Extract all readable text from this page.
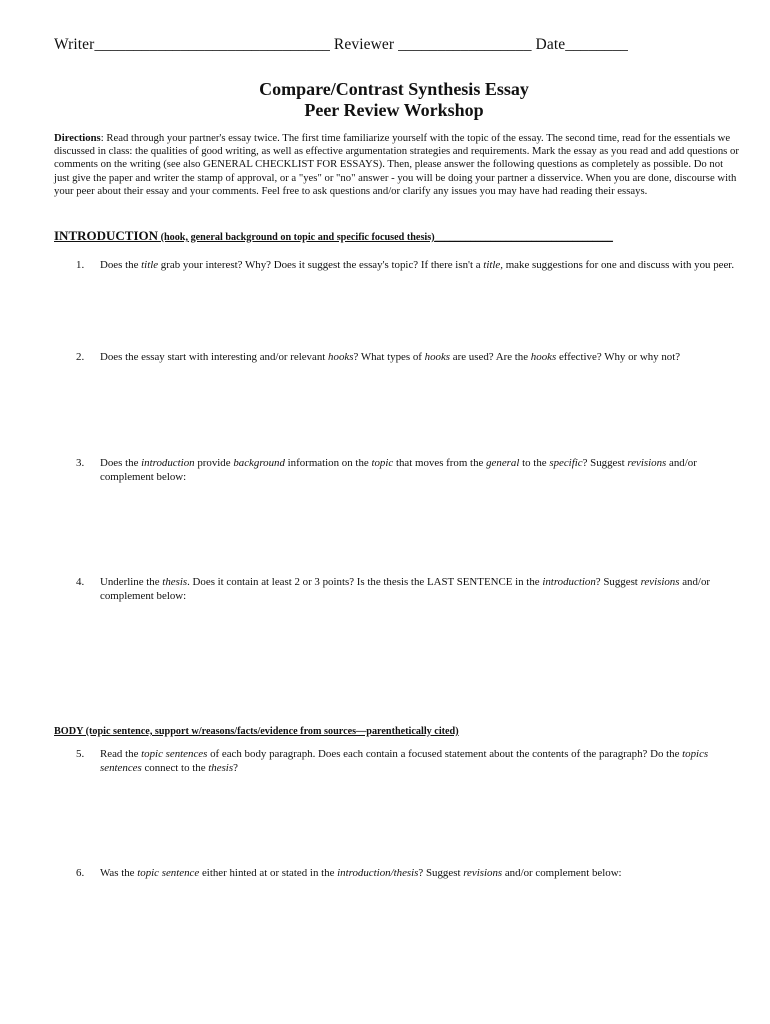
Writer______________________________ Reviewer _________________ Date________
Compare/Contrast Synthesis Essay
Peer Review Workshop
Directions: Read through your partner's essay twice. The first time familiarize yourself with the topic of the essay. The second time, read for the essentials we discussed in class: the qualities of good writing, as well as effective argumentation strategies and requirements. Mark the essay as you read and add questions or comments on the writing (see also GENERAL CHECKLIST FOR ESSAYS). Then, please answer the following questions as completely as possible. Do not just give the paper and writer the stamp of approval, or a "yes" or "no" answer - you will be doing your partner a disservice. When you are done, discourse with your peer about their essay and your comments. Feel free to ask questions and/or clarify any issues you may have had reading their essays.
INTRODUCTION (hook, general background on topic and specific focused thesis)___________________________________
1.	Does the title grab your interest? Why? Does it suggest the essay's topic? If there isn't a title, make suggestions for one and discuss with you peer.
2.	Does the essay start with interesting and/or relevant hooks? What types of hooks are used? Are the hooks effective? Why or why not?
3.	Does the introduction provide background information on the topic that moves from the general to the specific? Suggest revisions and/or complement below:
4.	Underline the thesis. Does it contain at least 2 or 3 points? Is the thesis the LAST SENTENCE in the introduction? Suggest revisions and/or complement below:
BODY (topic sentence, support w/reasons/facts/evidence from sources—parenthetically cited)
5.	Read the topic sentences of each body paragraph. Does each contain a focused statement about the contents of the paragraph? Do the topics sentences connect to the thesis?
6.	Was the topic sentence either hinted at or stated in the introduction/thesis? Suggest revisions and/or complement below:
